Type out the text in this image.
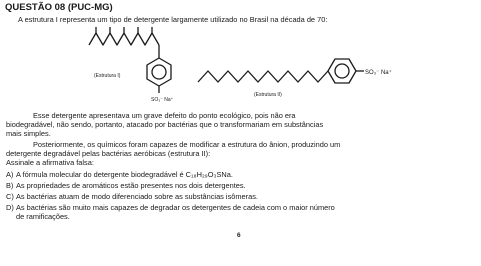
QUESTÃO 08 (PUC-MG)
A estrutura I representa um tipo de detergente largamente utilizado no Brasil na década de 70:
(Estrutura I)
SO₃⁻ Na⁺
(Estrutura II)
SO₃⁻ Na⁺
Esse detergente apresentava um grave defeito do ponto ecológico, pois não era
biodegradável, não sendo, portanto, atacado por bactérias que o transformariam em substâncias
mais simples.
Posteriormente, os químicos foram capazes de modificar a estrutura do ânion, produzindo um
detergente degradável pelas bactérias aeróbicas (estrutura II):
Assinale a afirmativa falsa:
A) A fórmula molecular do detergente biodegradável é C₁₈H₂₉O₃SNa.
B) As propriedades de aromáticos estão presentes nos dois detergentes.
C) As bactérias atuam de modo diferenciado sobre as substâncias isômeras.
D) As bactérias são muito mais capazes de degradar os detergentes de cadeia com o maior número
de ramificações.
6
